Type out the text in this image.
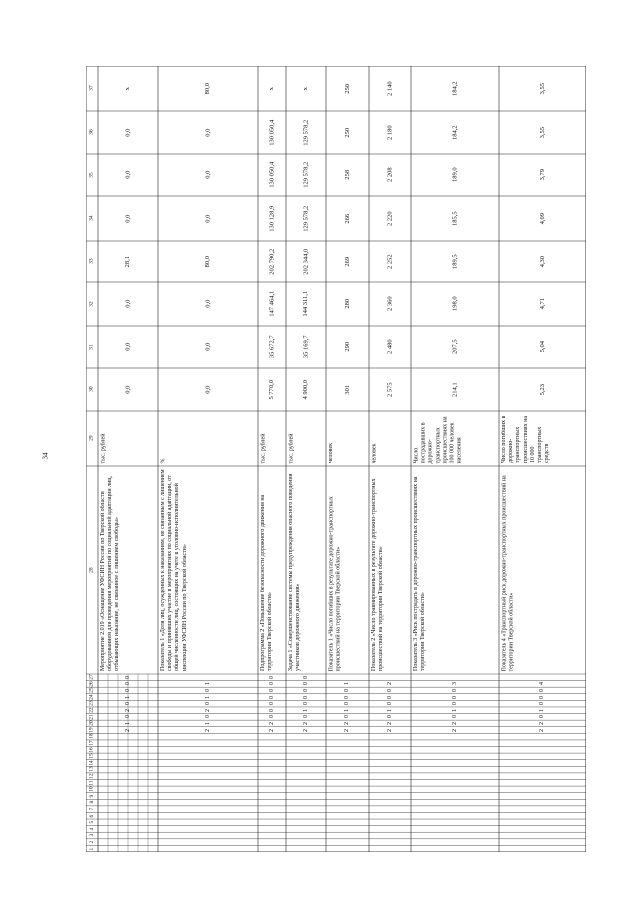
34
1
2
3
4
5
6
7
8
9
10
11
12
13
14
15
16
17
18
19
20
21
22
23
24
25
26
27
28
29
30
31
32
33
34
35
36
37
2
1
0
2
0
1
0
0
0
Мероприятие 2.019 «Оснащение УФСИН России по Тверской области оборудованием для проведения мероприятий по социальной адаптации лиц, отбывающих наказание, не связанное с лишением свободы»
тыс. рублей
0,0
0,0
0,0
28,1
0,0
0,0
0,0
х
2
1
0
2
0
1
0
1
Показатель 1 «Доля лиц, осужденных к наказаниям, не связанным с лишением свободы и принявших участие в мероприятиях по социальной адаптации, от общей численности лиц, состоящих на учете в уголовно-исполнительной инспекции УФСИН России по Тверской области»
%
0,0
0,0
0,0
80,0
0,0
0,0
0,0
80,0
2
2
0
0
0
0
0
0
0
Подпрограмма 2 «Повышение безопасности дорожного движения на территории Тверской области»
тыс. рублей
5 770,0
35 672,7
147 464,1
202 790,2
130 128,9
130 050,4
130 050,4
х
2
2
0
1
0
0
0
0
0
Задача 1 «Совершенствование системы предупреждения опасного поведения участников дорожного движения»
тыс. рублей
4 900,0
35 169,7
144 311,1
202 344,0
129 578,2
129 578,2
129 578,2
х
2
2
0
1
0
0
0
1
Показатель 1 «Число погибших в результате дорожно-транспортных происшествий на территории Тверской области»
человек
301
290
280
269
266
258
250
250
2
2
0
1
0
0
0
2
Показатель 2 «Число травмированных в результате дорожно-транспортных происшествий на территории Тверской области»
человек
2 575
2 480
2 360
2 252
2 220
2 208
2 180
2 140
2
2
0
1
0
0
0
3
Показатель 3 «Риск пострадать в дорожно-транспортных происшествиях на территории Тверской области»
Число пострадавших в дорожно-транспортных происшествиях на 100 000 человек населения
214,1
207,5
198,0
189,5
185,5
189,0
184,2
184,2
2
2
0
1
0
0
0
4
Показатель 4 «Транспортный риск дорожно-транспортных происшествий на территории Тверской области»
Число погибших в дорожно-транспортных происшествиях на 10 000 транспортных средств
5,23
5,04
4,71
4,30
4,09
3,79
3,55
3,55
